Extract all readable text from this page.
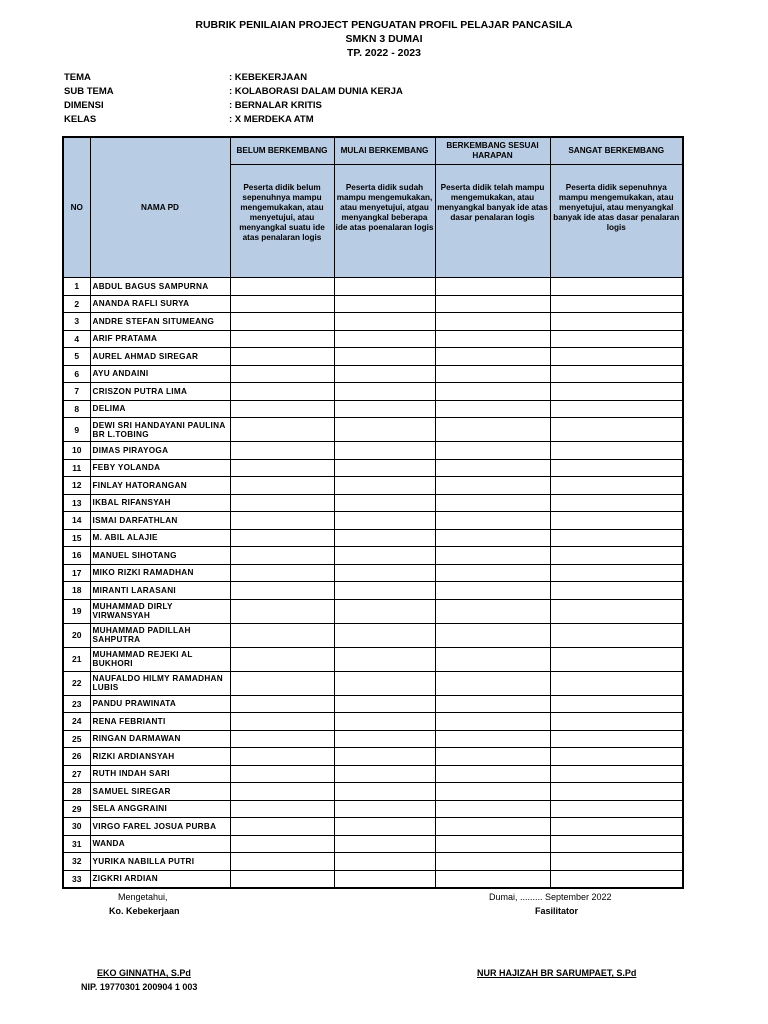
RUBRIK PENILAIAN PROJECT PENGUATAN PROFIL PELAJAR PANCASILA
SMKN 3 DUMAI
TP. 2022 - 2023
TEMA	: KEBEKERJAAN
SUB TEMA	: KOLABORASI DALAM DUNIA KERJA
DIMENSI	: BERNALAR KRITIS
KELAS	: X MERDEKA ATM
NO	NAMA PD	BELUM BERKEMBANG	MULAI BERKEMBANG	BERKEMBANG SESUAI HARAPAN	SANGAT BERKEMBANG
		Peserta didik belum sepenuhnya mampu mengemukakan, atau menyetujui, atau menyangkal suatu ide atas penalaran logis	Peserta didik sudah mampu mengemukakan, atau menyetujui, atgau menyangkal beberapa ide atas poenalaran logis	Peserta didik telah mampu mengemukakan, atau menyangkal banyak ide atas dasar penalaran logis	Peserta didik sepenuhnya mampu mengemukakan, atau menyetujui, atau menyangkal banyak ide atas dasar penalaran logis
1	ABDUL BAGUS SAMPURNA				
2	ANANDA RAFLI SURYA				
3	ANDRE STEFAN SITUMEANG				
4	ARIF PRATAMA				
5	AUREL AHMAD SIREGAR				
6	AYU ANDAINI				
7	CRISZON PUTRA LIMA				
8	DELIMA				
9	DEWI SRI HANDAYANI PAULINA BR L.TOBING				
10	DIMAS PIRAYOGA				
11	FEBY YOLANDA				
12	FINLAY HATORANGAN				
13	IKBAL RIFANSYAH				
14	ISMAI DARFATHLAN				
15	M. ABIL ALAJIE				
16	MANUEL SIHOTANG				
17	MIKO RIZKI RAMADHAN				
18	MIRANTI LARASANI				
19	MUHAMMAD DIRLY VIRWANSYAH				
20	MUHAMMAD PADILLAH SAHPUTRA				
21	MUHAMMAD REJEKI AL BUKHORI				
22	NAUFALDO HILMY RAMADHAN LUBIS				
23	PANDU PRAWINATA				
24	RENA FEBRIANTI				
25	RINGAN DARMAWAN				
26	RIZKI ARDIANSYAH				
27	RUTH INDAH SARI				
28	SAMUEL SIREGAR				
29	SELA ANGGRAINI				
30	VIRGO FAREL JOSUA PURBA				
31	WANDA				
32	YURIKA NABILLA PUTRI				
33	ZIGKRI ARDIAN				
Mengetahui,
Ko. Kebekerjaan
EKO GINNATHA, S.Pd
NIP. 19770301 200904 1 003
Dumai, ......... September 2022
Fasilitator
NUR HAJIZAH BR SARUMPAET, S.Pd
